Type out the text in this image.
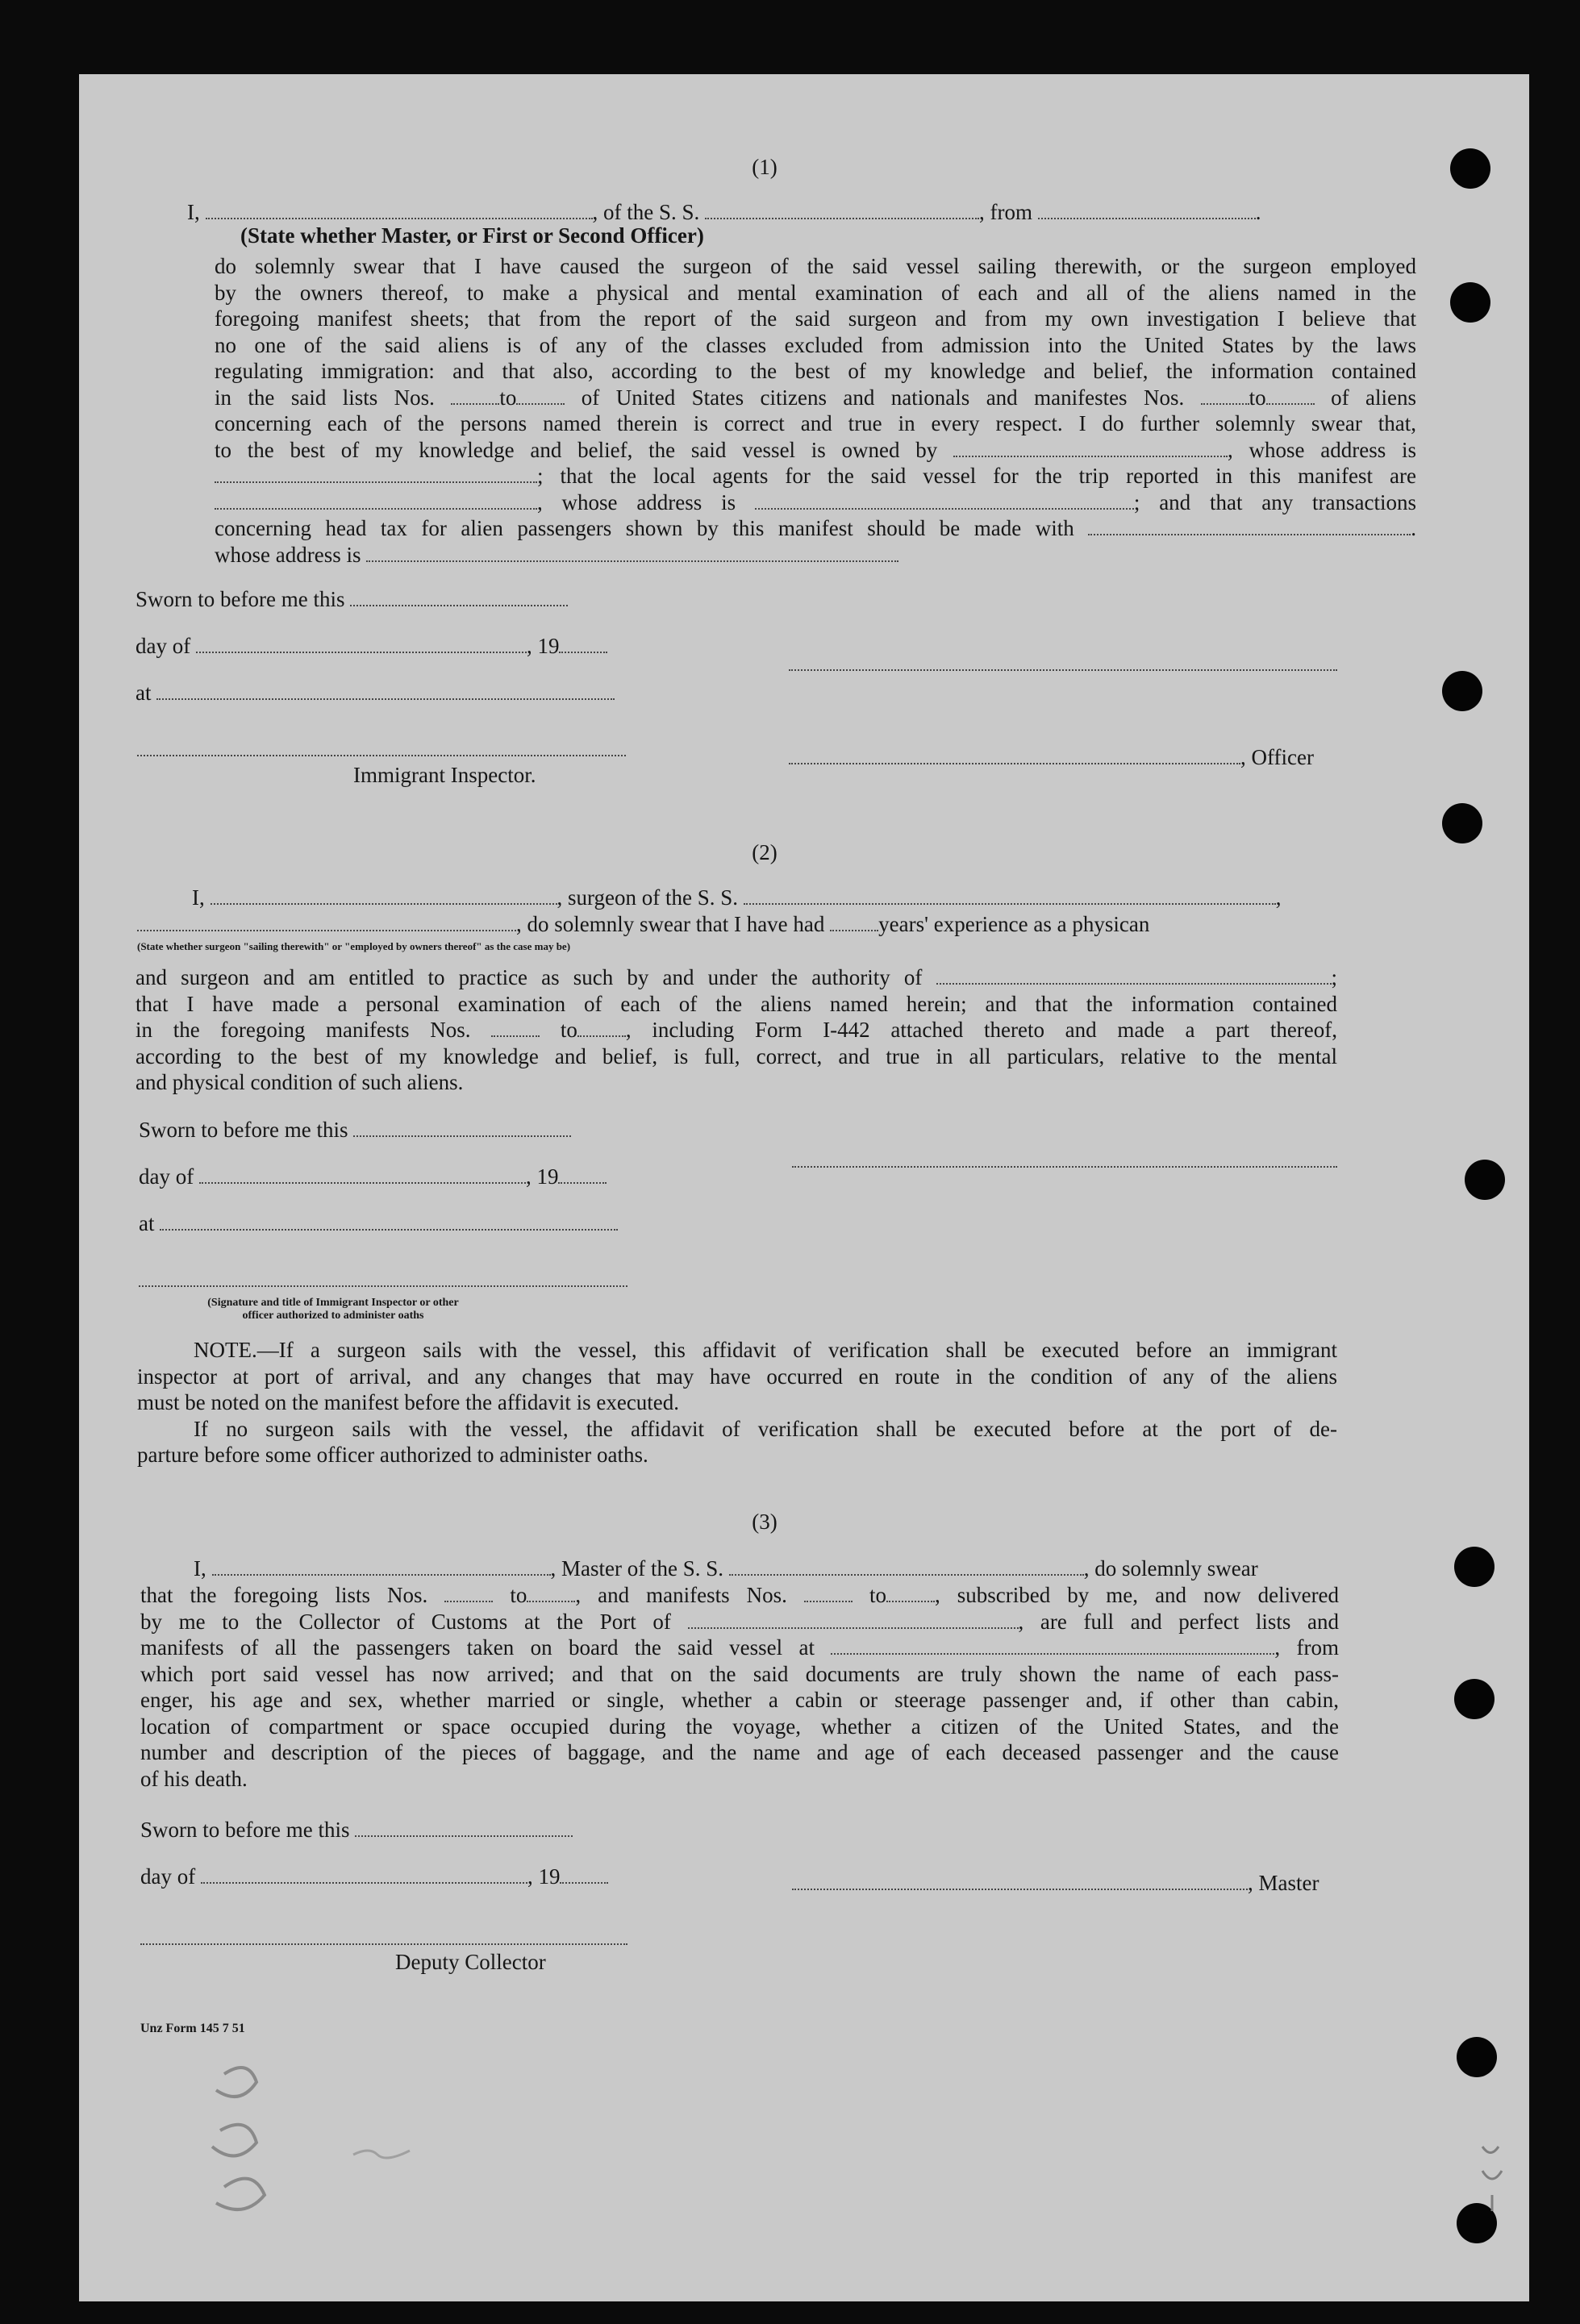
(1)
I,	, of the S. S.	, from	.
(State whether Master, or First or Second Officer)
do solemnly swear that I have caused the surgeon of the said vessel sailing therewith, or the surgeon employed
by the owners thereof, to make a physical and mental examination of each and all of the aliens named in the
foregoing manifest sheets; that from the report of the said surgeon and from my own investigation I believe that
no one of the said aliens is of any of the classes excluded from admission into the United States by the laws
regulating immigration: and that also, according to the best of my knowledge and belief, the information contained
in the said lists Nos.	to	of United States citizens and nationals and manifestes Nos.	to	of aliens
concerning each of the persons named therein is correct and true in every respect. I do further solemnly swear that,
to the best of my knowledge and belief, the said vessel is owned by	, whose address is
; that the local agents for the said vessel for the trip reported in this manifest are
, whose address is	; and that any transactions
concerning head tax for alien passengers shown by this manifest should be made with	.
whose address is
Sworn to before me this
day of	, 19
at
, Officer
Immigrant Inspector.
(2)
I,	, surgeon of the S. S.	,
, do solemnly swear that I have had years' experience as a physican
(State whether surgeon "sailing therewith" or "employed by owners thereof" as the case may be)
and surgeon and am entitled to practice as such by and under the authority of	;
that I have made a personal examination of each of the aliens named herein; and that the information contained
in the foregoing manifests Nos.	to , including Form I-442 attached thereto and made a part thereof,
according to the best of my knowledge and belief, is full, correct, and true in all particulars, relative to the mental
and physical condition of such aliens.
Sworn to before me this
day of	, 19
at
(Signature and title of Immigrant Inspector or other
officer authorized to administer oaths
NOTE.—If a surgeon sails with the vessel, this affidavit of verification shall be executed before an immigrant
inspector at port of arrival, and any changes that may have occurred en route in the condition of any of the aliens
must be noted on the manifest before the affidavit is executed.
If no surgeon sails with the vessel, the affidavit of verification shall be executed before at the port of de-
parture before some officer authorized to administer oaths.
(3)
I,	, Master of the S. S.	, do solemnly swear
that the foregoing lists Nos.	to , and manifests Nos.	to , subscribed by me, and now delivered
by me to the Collector of Customs at the Port of	, are full and perfect lists and
manifests of all the passengers taken on board the said vessel at	, from
which port said vessel has now arrived; and that on the said documents are truly shown the name of each pass-
enger, his age and sex, whether married or single, whether a cabin or steerage passenger and, if other than cabin,
location of compartment or space occupied during the voyage, whether a citizen of the United States, and the
number and description of the pieces of baggage, and the name and age of each deceased passenger and the cause
of his death.
Sworn to before me this
day of	, 19	, Master
Deputy Collector
Unz Form 145 7 51
